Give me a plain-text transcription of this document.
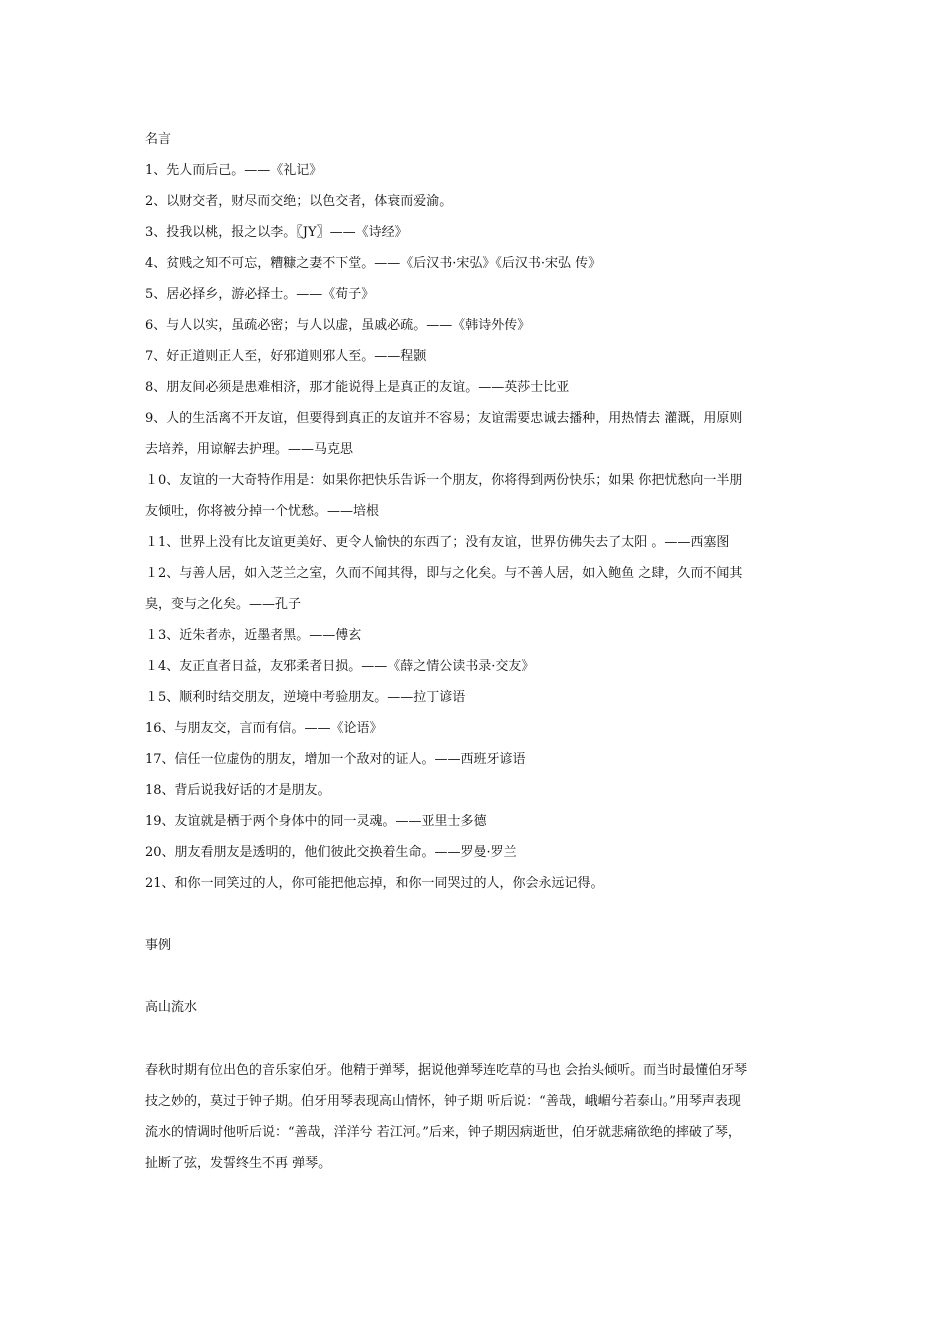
名言
1、先人而后己。——《礼记》
2、以财交者，财尽而交绝；以色交者，体衰而爱渝。
3、投我以桃，报之以李。〖JY〗——《诗经》
4、贫贱之知不可忘，糟糠之妻不下堂。——《后汉书·宋弘》《后汉书·宋弘 传》
5、居必择乡，游必择士。——《荀子》
6、与人以实，虽疏必密；与人以虚，虽戚必疏。——《韩诗外传》
7、好正道则正人至，好邪道则邪人至。——程颢
8、朋友间必须是患难相济，那才能说得上是真正的友谊。——英莎士比亚
9、人的生活离不开友谊，但要得到真正的友谊并不容易；友谊需要忠诚去播种，用热情去 灌溉，用原则
去培养，用谅解去护理。——马克思
１0、友谊的一大奇特作用是：如果你把快乐告诉一个朋友，你将得到两份快乐；如果 你把忧愁向一半朋
友倾吐，你将被分掉一个忧愁。——培根
１1、世界上没有比友谊更美好、更令人愉快的东西了；没有友谊，世界仿佛失去了太阳 。——西塞图
１2、与善人居，如入芝兰之室，久而不闻其得，即与之化矣。与不善人居，如入鲍鱼 之肆，久而不闻其
臭，变与之化矣。——孔子
１3、近朱者赤，近墨者黑。——傅玄
１4、友正直者日益，友邪柔者日损。——《薛之情公读书录·交友》
１5、顺利时结交朋友，逆境中考验朋友。——拉丁谚语
16、与朋友交，言而有信。——《论语》
17、信任一位虚伪的朋友，增加一个敌对的证人。——西班牙谚语
18、背后说我好话的才是朋友。
19、友谊就是栖于两个身体中的同一灵魂。——亚里士多德
20、朋友看朋友是透明的，他们彼此交换着生命。——罗曼·罗兰
21、和你一同笑过的人，你可能把他忘掉，和你一同哭过的人，你会永远记得。
事例
高山流水
春秋时期有位出色的音乐家伯牙。他精于弹琴，据说他弹琴连吃草的马也 会抬头倾听。而当时最懂伯牙琴
技之妙的，莫过于钟子期。伯牙用琴表现高山情怀，钟子期 听后说：“善哉，峨嵋兮若泰山。”用琴声表现
流水的情调时他听后说：“善哉，洋洋兮 若江河。”后来，钟子期因病逝世，伯牙就悲痛欲绝的摔破了琴，
扯断了弦，发誓终生不再 弹琴。
